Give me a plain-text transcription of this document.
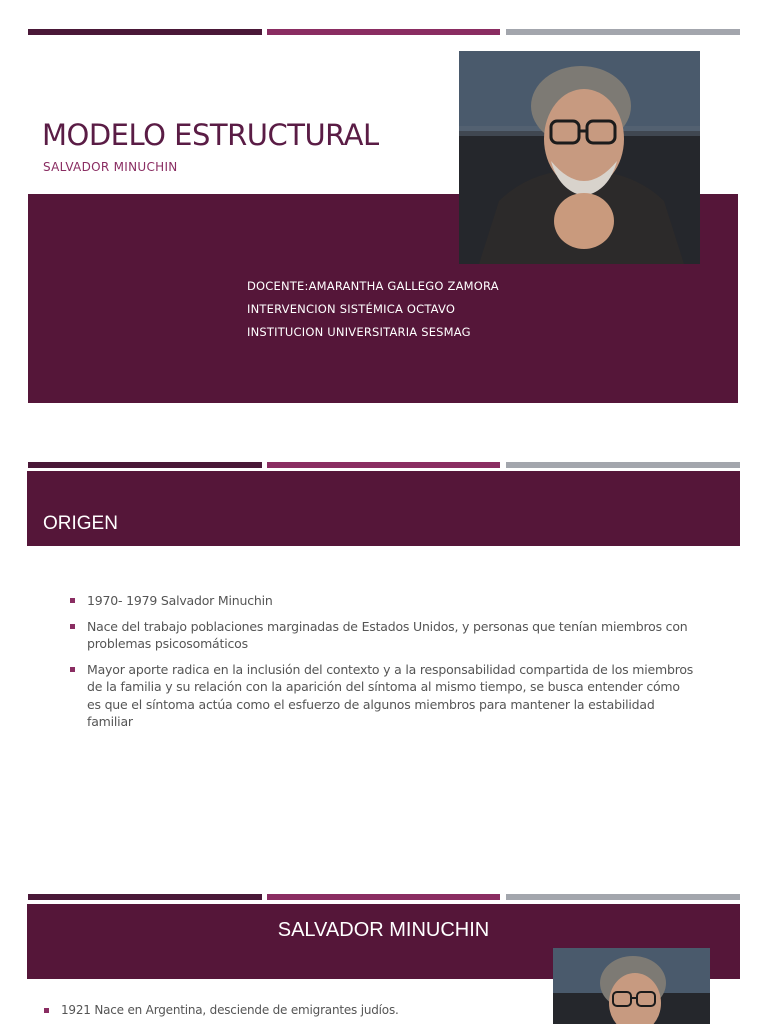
MODELO ESTRUCTURAL
SALVADOR MINUCHIN
DOCENTE:AMARANTHA GALLEGO ZAMORA
INTERVENCION SISTÉMICA OCTAVO
INSTITUCION UNIVERSITARIA SESMAG
ORIGEN
1970- 1979 Salvador Minuchin
Nace del trabajo poblaciones marginadas de Estados Unidos, y personas que tenían miembros con problemas psicosomáticos
Mayor aporte radica en la inclusión del contexto y a la responsabilidad compartida de los miembros de la familia y su relación con la aparición del síntoma al mismo tiempo, se busca entender cómo es que el síntoma actúa como el esfuerzo de algunos miembros para mantener la estabilidad familiar
SALVADOR MINUCHIN
1921 Nace en Argentina, desciende de emigrantes judíos.
